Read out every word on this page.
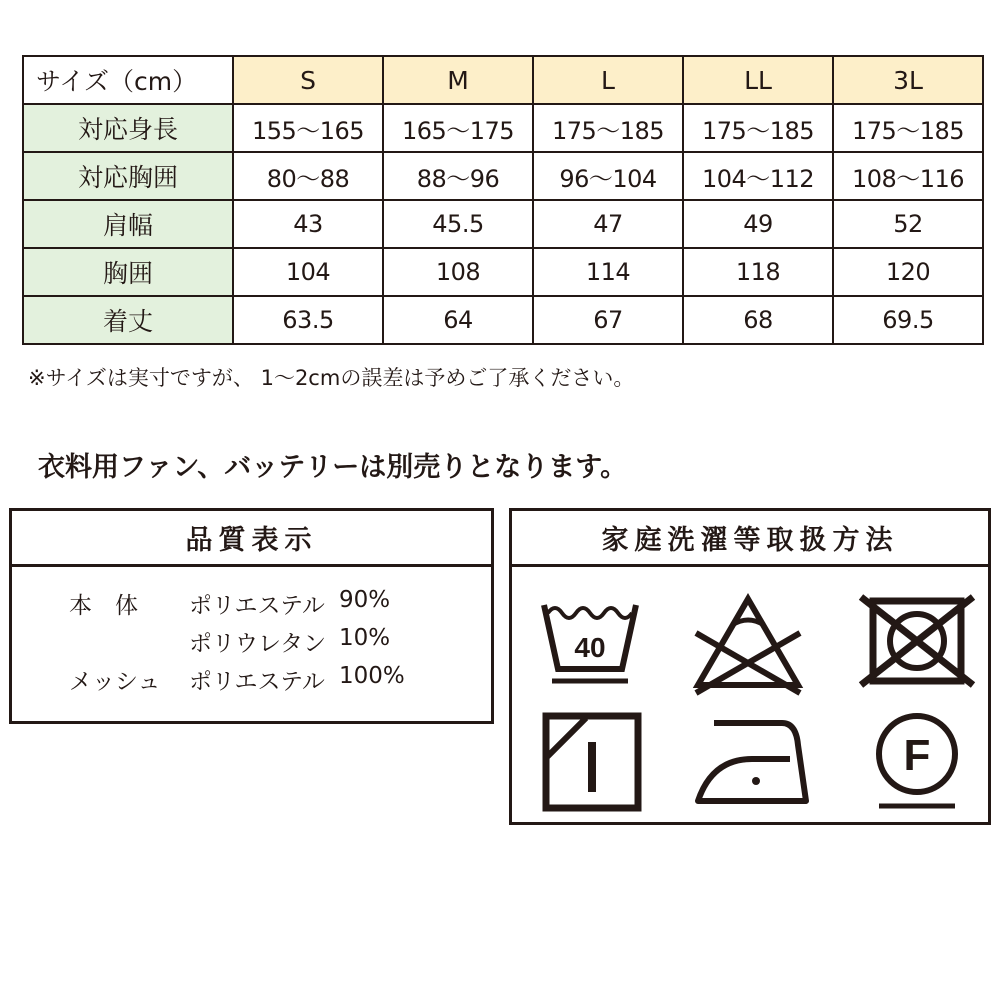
サイズ（cm）	S	M	L	LL	3L
対応身長	155〜165	165〜175	175〜185	175〜185	175〜185
対応胸囲	80〜88	88〜96	96〜104	104〜112	108〜116
肩幅	43	45.5	47	49	52
胸囲	104	108	114	118	120
着丈	63.5	64	67	68	69.5
※サイズは実寸ですが、 1〜2cmの誤差は予めご了承ください。
衣料用ファン、バッテリーは別売りとなります。
品質表示
本　体 ポリエステル 90%
ポリウレタン 10%
メッシュ ポリエステル 100%
家庭洗濯等取扱方法
40
F
